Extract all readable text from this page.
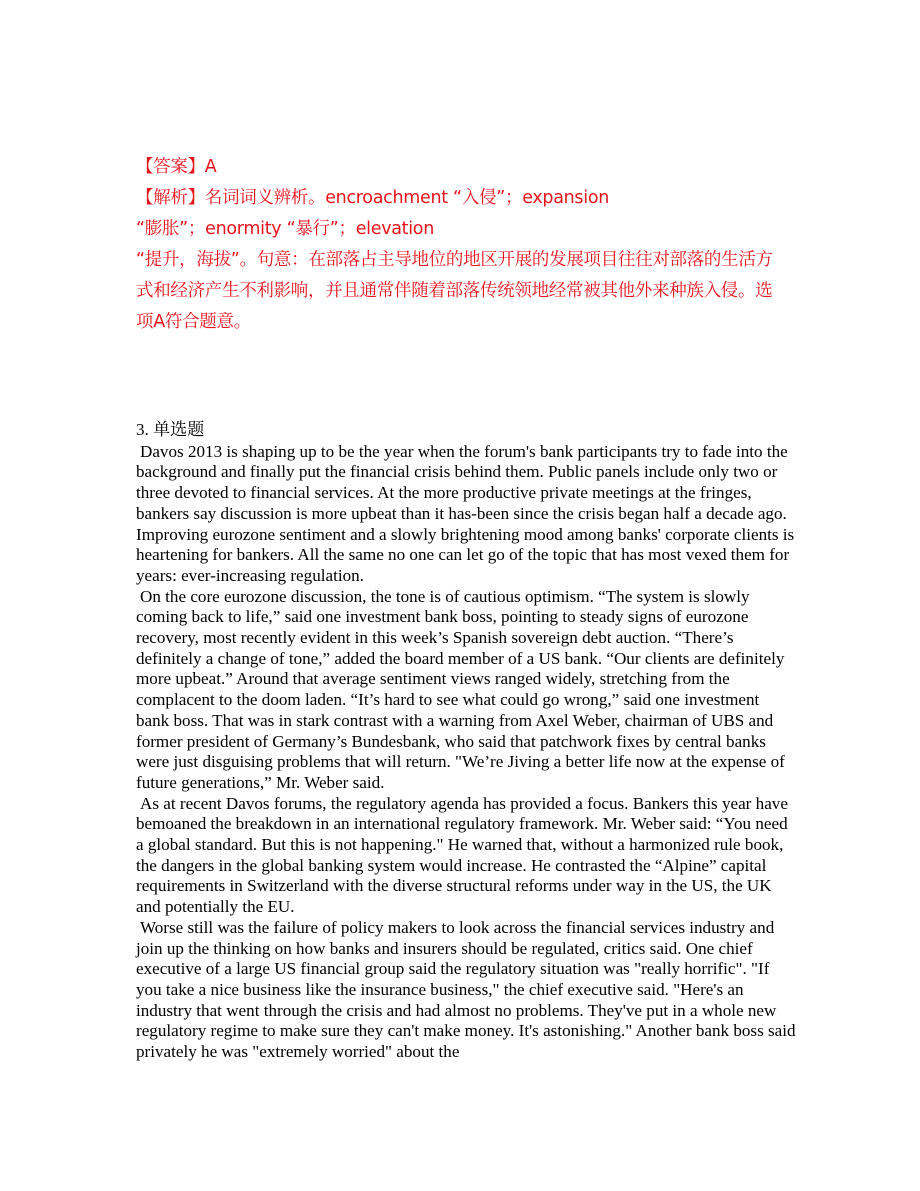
【答案】A
【解析】名词词义辨析。encroachment “入侵”；expansion
“膨胀”；enormity “暴行”；elevation
“提升，海拔”。句意：在部落占主导地位的地区开展的发展项目往往对部落的生活方式和经济产生不利影响，并且通常伴随着部落传统领地经常被其他外来种族入侵。选项A符合题意。
3. 单选题

Davos 2013 is shaping up to be the year when the forum's bank participants try to fade into the background and finally put the financial crisis behind them. Public panels include only two or three devoted to financial services. At the more productive private meetings at the fringes, bankers say discussion is more upbeat than it has-been since the crisis began half a decade ago. Improving eurozone sentiment and a slowly brightening mood among banks' corporate clients is heartening for bankers. All the same no one can let go of the topic that has most vexed them for years: ever-increasing regulation.

On the core eurozone discussion, the tone is of cautious optimism. “The system is slowly coming back to life,” said one investment bank boss, pointing to steady signs of eurozone recovery, most recently evident in this week’s Spanish sovereign debt auction. “There’s definitely a change of tone,” added the board member of a US bank. “Our clients are definitely more upbeat.” Around that average sentiment views ranged widely, stretching from the complacent to the doom laden. “It’s hard to see what could go wrong,” said one investment bank boss. That was in stark contrast with a warning from Axel Weber, chairman of UBS and former president of Germany’s Bundesbank, who said that patchwork fixes by central banks were just disguising problems that will return. "We’re Jiving a better life now at the expense of future generations,” Mr. Weber said.

As at recent Davos forums, the regulatory agenda has provided a focus. Bankers this year have bemoaned the breakdown in an international regulatory framework. Mr. Weber said: “You need a global standard. But this is not happening." He warned that, without a harmonized rule book, the dangers in the global banking system would increase. He contrasted the “Alpine” capital requirements in Switzerland with the diverse structural reforms under way in the US, the UK and potentially the EU.

Worse still was the failure of policy makers to look across the financial services industry and join up the thinking on how banks and insurers should be regulated, critics said. One chief executive of a large US financial group said the regulatory situation was "really horrific". "If you take a nice business like the insurance business," the chief executive said. "Here's an industry that went through the crisis and had almost no problems. They've put in a whole new regulatory regime to make sure they can't make money. It's astonishing." Another bank boss said privately he was "extremely worried" about the
